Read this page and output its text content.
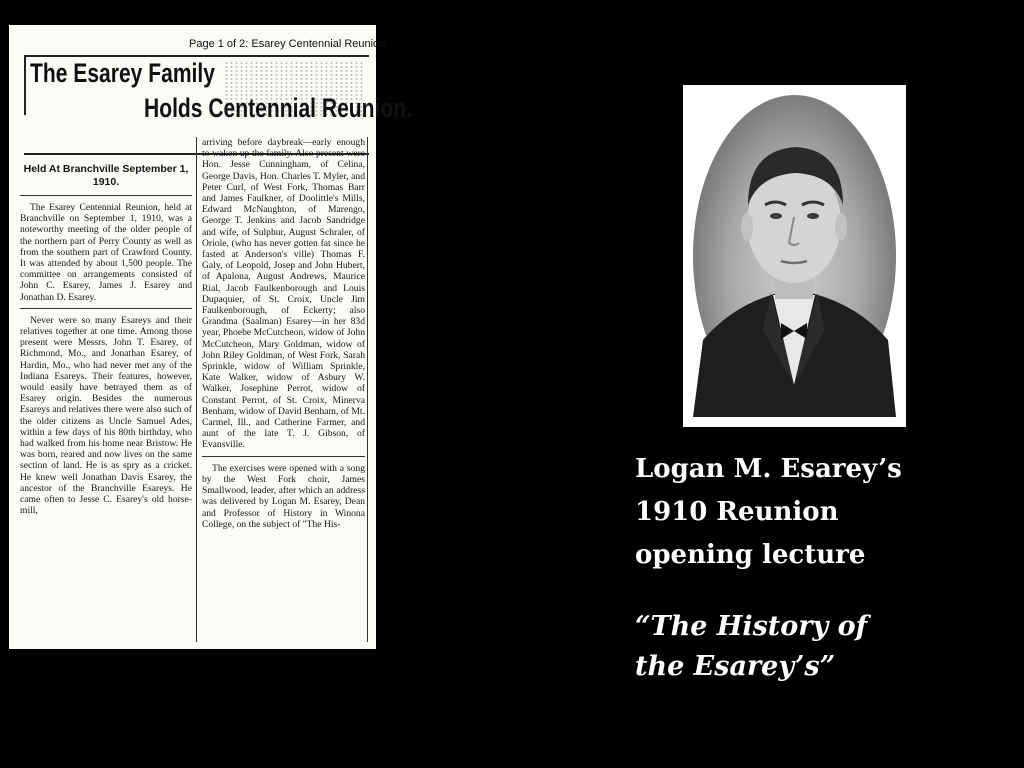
Page 1 of 2: Esarey Centennial Reunion
The Esarey Family
Holds Centennial Reunion.
Held At Branchville September 1, 1910.

The Esarey Centennial Reunion, held at Branchville on September 1, 1910, was a noteworthy meeting of the older people of the northern part of Perry County as well as from the southern part of Crawford County. It was attended by about 1,500 people. The committee on arrangements consisted of John C. Esarey, James J. Esarey and Jonathan D. Esarey.

Never were so many Esareys and their relatives together at one time. Among those present were Messrs. John T. Esarey, of Richmond, Mo., and Jonathan Esarey, of Hardin, Mo., who had never met any of the Indiana Esareys. Their features, however, would easily have betrayed them as of Esarey origin. Besides the numerous Esareys and relatives there were also such of the older citizens as Uncle Samuel Ades, within a few days of his 80th birthday, who had walked from his home near Bristow. He was born, reared and now lives on the same section of land. He is as spry as a cricket. He knew well Jonathan Davis Esarey, the ancestor of the Branchville Esareys. He came often to Jesse C. Esarey's old horse-mill,

arriving before daybreak—early enough to waken up the family. Also present were Hon. Jesse Cunningham, of Celina, George Davis, Hon. Charles T. Myler, and Peter Curl, of West Fork, Thomas Barr and James Faulkner, of Doolittle's Mills, Edward McNaughton, of Marengo, George T. Jenkins and Jacob Sandridge and wife, of Sulphur, August Schraler, of Oriole, (who has never gotten fat since he fasted at Anderson's ville) Thomas F. Galy, of Leopold, Josep and John Hubert, of Apalona, August Andrews, Maurice Rial, Jacob Faulkenborough and Louis Dupaquier, of St. Croix, Uncle Jim Faulkenborough, of Eckerty; also Grandma (Saalman) Esarey—in her 83d year, Phoebe McCutcheon, widow of John McCutcheon, Mary Goldman, widow of John Riley Goldman, of West Fork, Sarah Sprinkle, widow of William Sprinkle, Kate Walker, widow of Asbury W. Walker, Josephine Perrot, widow of Constant Perrot, of St. Croix, Minerva Benham, widow of David Benham, of Mt. Carmel, Ill., and Catherine Farmer, and aunt of the late T. J. Gibson, of Evansville.

The exercises were opened with a song by the West Fork choir, James Smallwood, leader, after which an address was delivered by Logan M. Esarey, Dean and Professor of History in Winona College, on the subject of "The His-

Logan M. Esarey’s
1910 Reunion
opening lecture
“The History of
the Esarey’s”
